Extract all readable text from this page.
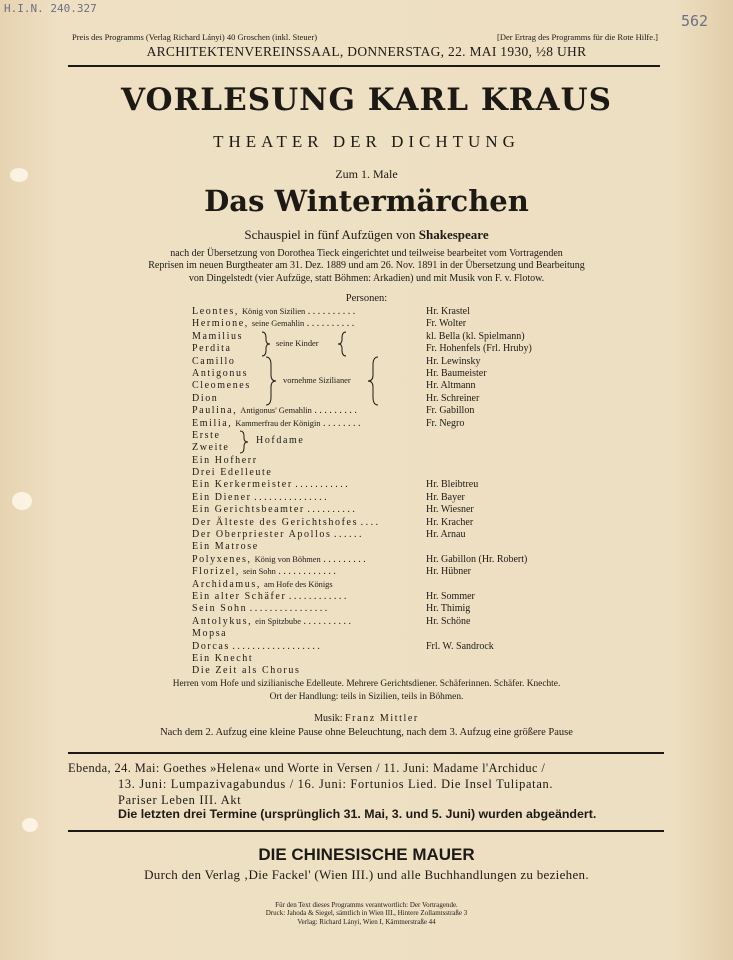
H.I.N. 240.327
562
Preis des Programms (Verlag Richard Lányi) 40 Groschen (inkl. Steuer)	[Der Ertrag des Programms für die Rote Hilfe.]
ARCHITEKTENVEREINSSAAL, DONNERSTAG, 22. MAI 1930, ½8 UHR
VORLESUNG KARL KRAUS
THEATER DER DICHTUNG
Zum 1. Male
Das Wintermärchen
Schauspiel in fünf Aufzügen von Shakespeare
nach der Übersetzung von Dorothea Tieck eingerichtet und teilweise bearbeitet vom Vortragenden
Reprisen im neuen Burgtheater am 31. Dez. 1889 und am 26. Nov. 1891 in der Übersetzung und Bearbeitung
von Dingelstedt (vier Aufzüge, statt Böhmen: Arkadien) und mit Musik von F. v. Flotow.
Personen:
Leontes, König von Sizilien . . . . . . . . . .	Hr. Krastel
Hermione, seine Gemahlin . . . . . . . . . .	Fr. Wolter
Mamilius	kl. Bella (kl. Spielmann)
Perdita	Fr. Hohenfels (Frl. Hruby)
Camillo	Hr. Lewinsky
Antigonus	Hr. Baumeister
Cleomenes	Hr. Altmann
Dion	Hr. Schreiner
Paulina, Antigonus' Gemahlin . . . . . . . . .	Fr. Gabillon
Emilia, Kammerfrau der Königin . . . . . . . .	Fr. Negro
Erste
Zweite
Ein Hofherr
Drei Edelleute
Ein Kerkermeister . . . . . . . . . . .	Hr. Bleibtreu
Ein Diener . . . . . . . . . . . . . . .	Hr. Bayer
Ein Gerichtsbeamter . . . . . . . . . .	Hr. Wiesner
Der Älteste des Gerichtshofes . . . .	Hr. Kracher
Der Oberpriester Apollos . . . . . .	Hr. Arnau
Ein Matrose
Polyxenes, König von Böhmen . . . . . . . . .	Hr. Gabillon (Hr. Robert)
Florizel, sein Sohn . . . . . . . . . . . .	Hr. Hübner
Archidamus, am Hofe des Königs
Ein alter Schäfer . . . . . . . . . . . .	Hr. Sommer
Sein Sohn . . . . . . . . . . . . . . . .	Hr. Thimig
Antolykus, ein Spitzbube . . . . . . . . . .	Hr. Schöne
Mopsa
Dorcas . . . . . . . . . . . . . . . . . .	Frl. W. Sandrock
Ein Knecht
Die Zeit als Chorus
seine Kinder
vornehme Sizilianer
Hofdame
Herren vom Hofe und sizilianische Edelleute. Mehrere Gerichtsdiener. Schäferinnen. Schäfer. Knechte.
Ort der Handlung: teils in Sizilien, teils in Böhmen.
Musik: Franz Mittler
Nach dem 2. Aufzug eine kleine Pause ohne Beleuchtung, nach dem 3. Aufzug eine größere Pause
Ebenda, 24. Mai: Goethes »Helena« und Worte in Versen / 11. Juni: Madame l'Archiduc /
13. Juni: Lumpazivagabundus / 16. Juni: Fortunios Lied. Die Insel Tulipatan.
Pariser Leben III. Akt
Die letzten drei Termine (ursprünglich 31. Mai, 3. und 5. Juni) wurden abgeändert.
DIE CHINESISCHE MAUER
Durch den Verlag ‚Die Fackel' (Wien III.) und alle Buchhandlungen zu beziehen.
Für den Text dieses Programms verantwortlich: Der Vortragende.
Druck: Jahoda & Siegel, sämtlich in Wien III., Hintere Zollamtsstraße 3
Verlag: Richard Lányi, Wien I, Kärntnerstraße 44
